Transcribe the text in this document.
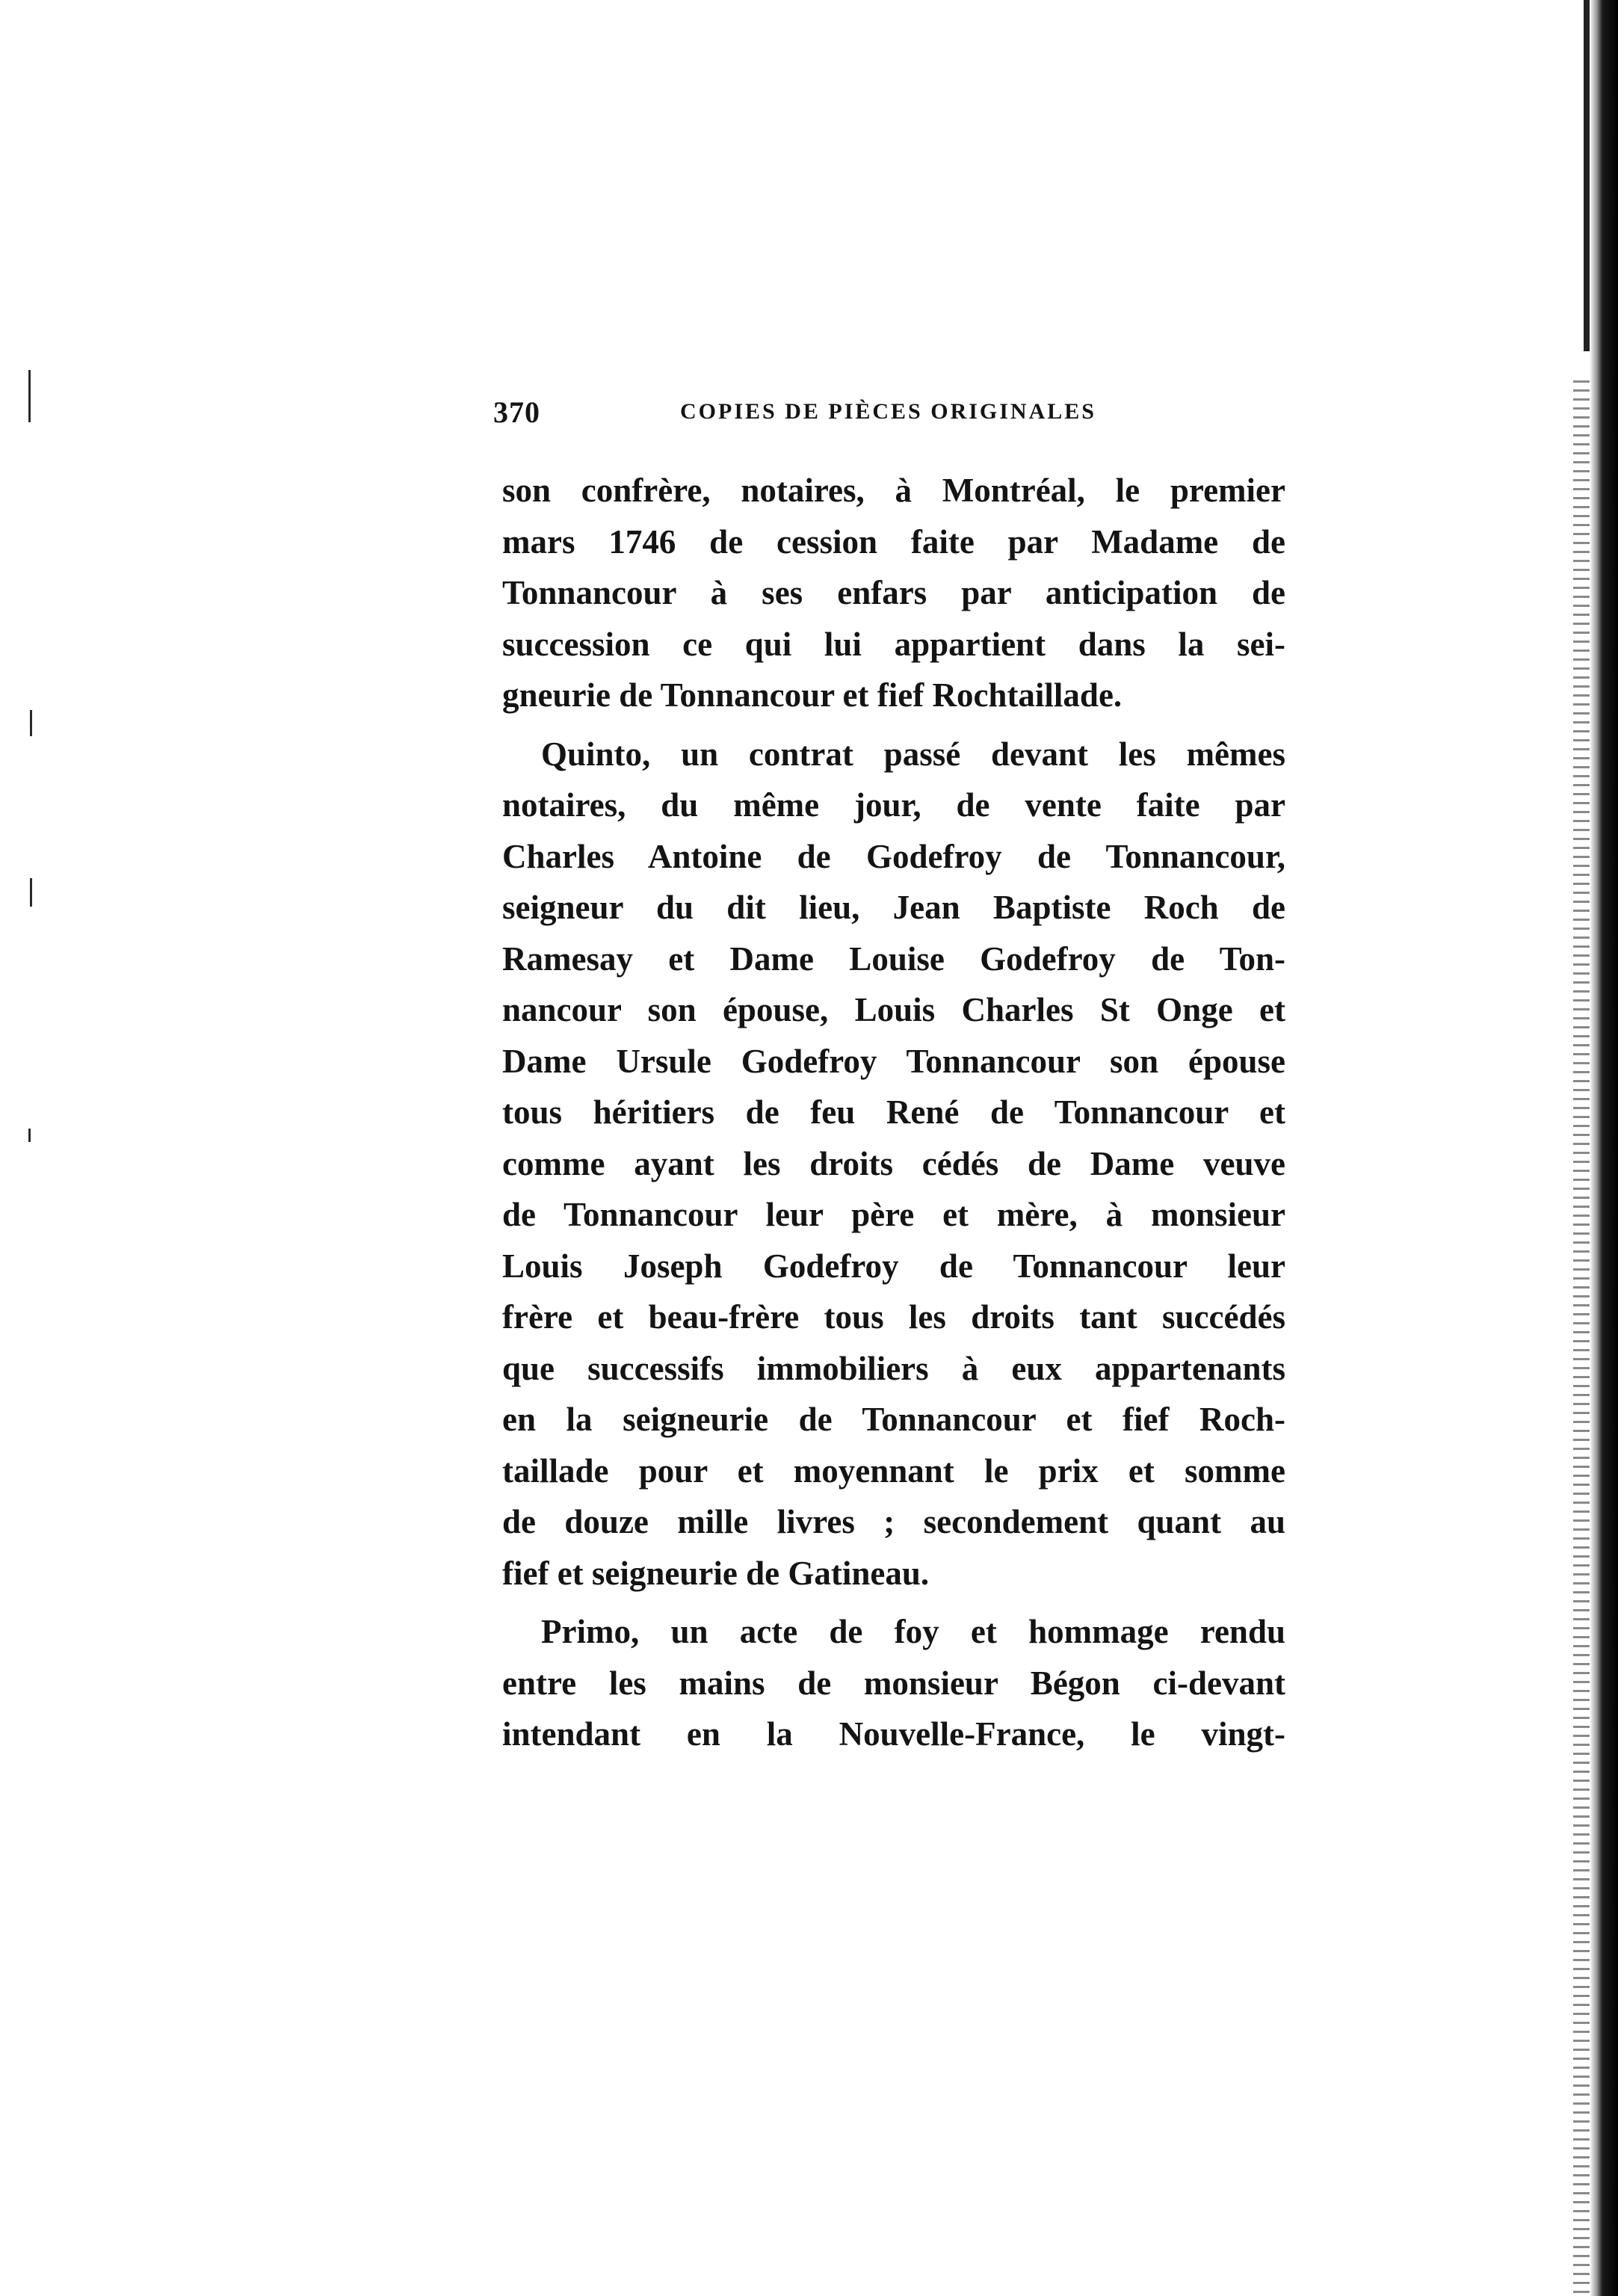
370	COPIES DE PIÈCES ORIGINALES
son confrère, notaires, à Montréal, le premier
mars 1746 de cession faite par Madame de
Tonnancour à ses enfars par anticipation de
succession ce qui lui appartient dans la sei-
gneurie de Tonnancour et fief Rochtaillade.
Quinto, un contrat passé devant les mêmes
notaires, du même jour, de vente faite par
Charles Antoine de Godefroy de Tonnancour,
seigneur du dit lieu, Jean Baptiste Roch de
Ramesay et Dame Louise Godefroy de Ton-
nancour son épouse, Louis Charles St Onge et
Dame Ursule Godefroy Tonnancour son épouse
tous héritiers de feu René de Tonnancour et
comme ayant les droits cédés de Dame veuve
de Tonnancour leur père et mère, à monsieur
Louis Joseph Godefroy de Tonnancour leur
frère et beau-frère tous les droits tant succédés
que successifs immobiliers à eux appartenants
en la seigneurie de Tonnancour et fief Roch-
taillade pour et moyennant le prix et somme
de douze mille livres ; secondement quant au
fief et seigneurie de Gatineau.
Primo, un acte de foy et hommage rendu
entre les mains de monsieur Bégon ci-devant
intendant en la Nouvelle-France, le vingt-
